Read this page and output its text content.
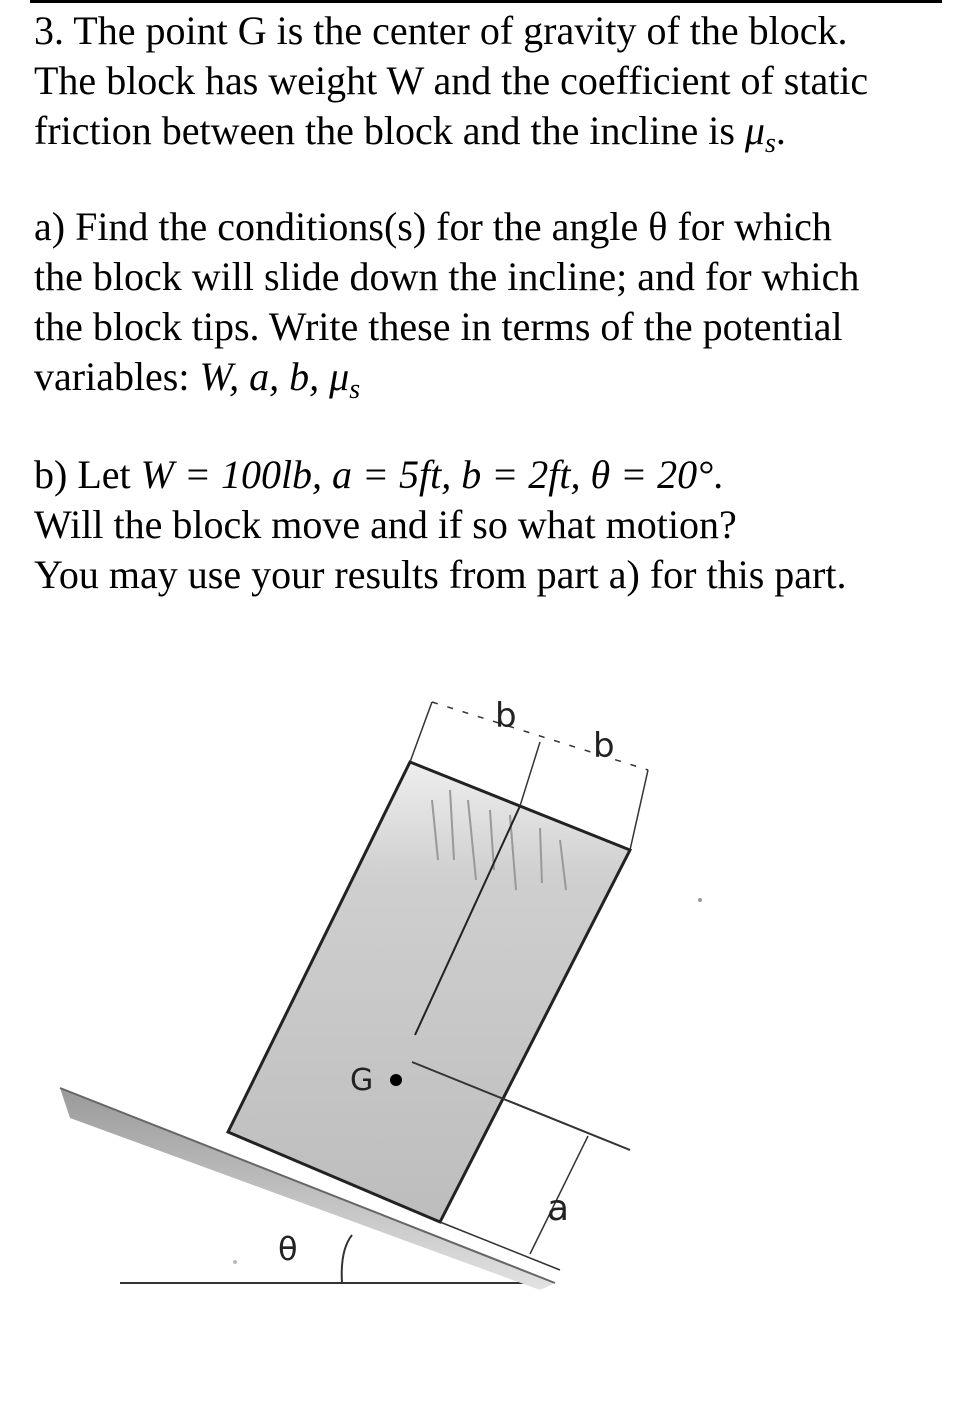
3. The point G is the center of gravity of the block.
The block has weight W and the coefficient of static
friction between the block and the incline is $\mu_s$.
a) Find the conditions(s) for the angle θ for which
the block will slide down the incline; and for which
the block tips. Write these in terms of the potential
variables: W, a, b, $\mu_s$
b) Let W = 100lb, a = 5ft, b = 2ft, θ = 20°.
Will the block move and if so what motion?
You may use your results from part a) for this part.
G
b
b
a
θ
